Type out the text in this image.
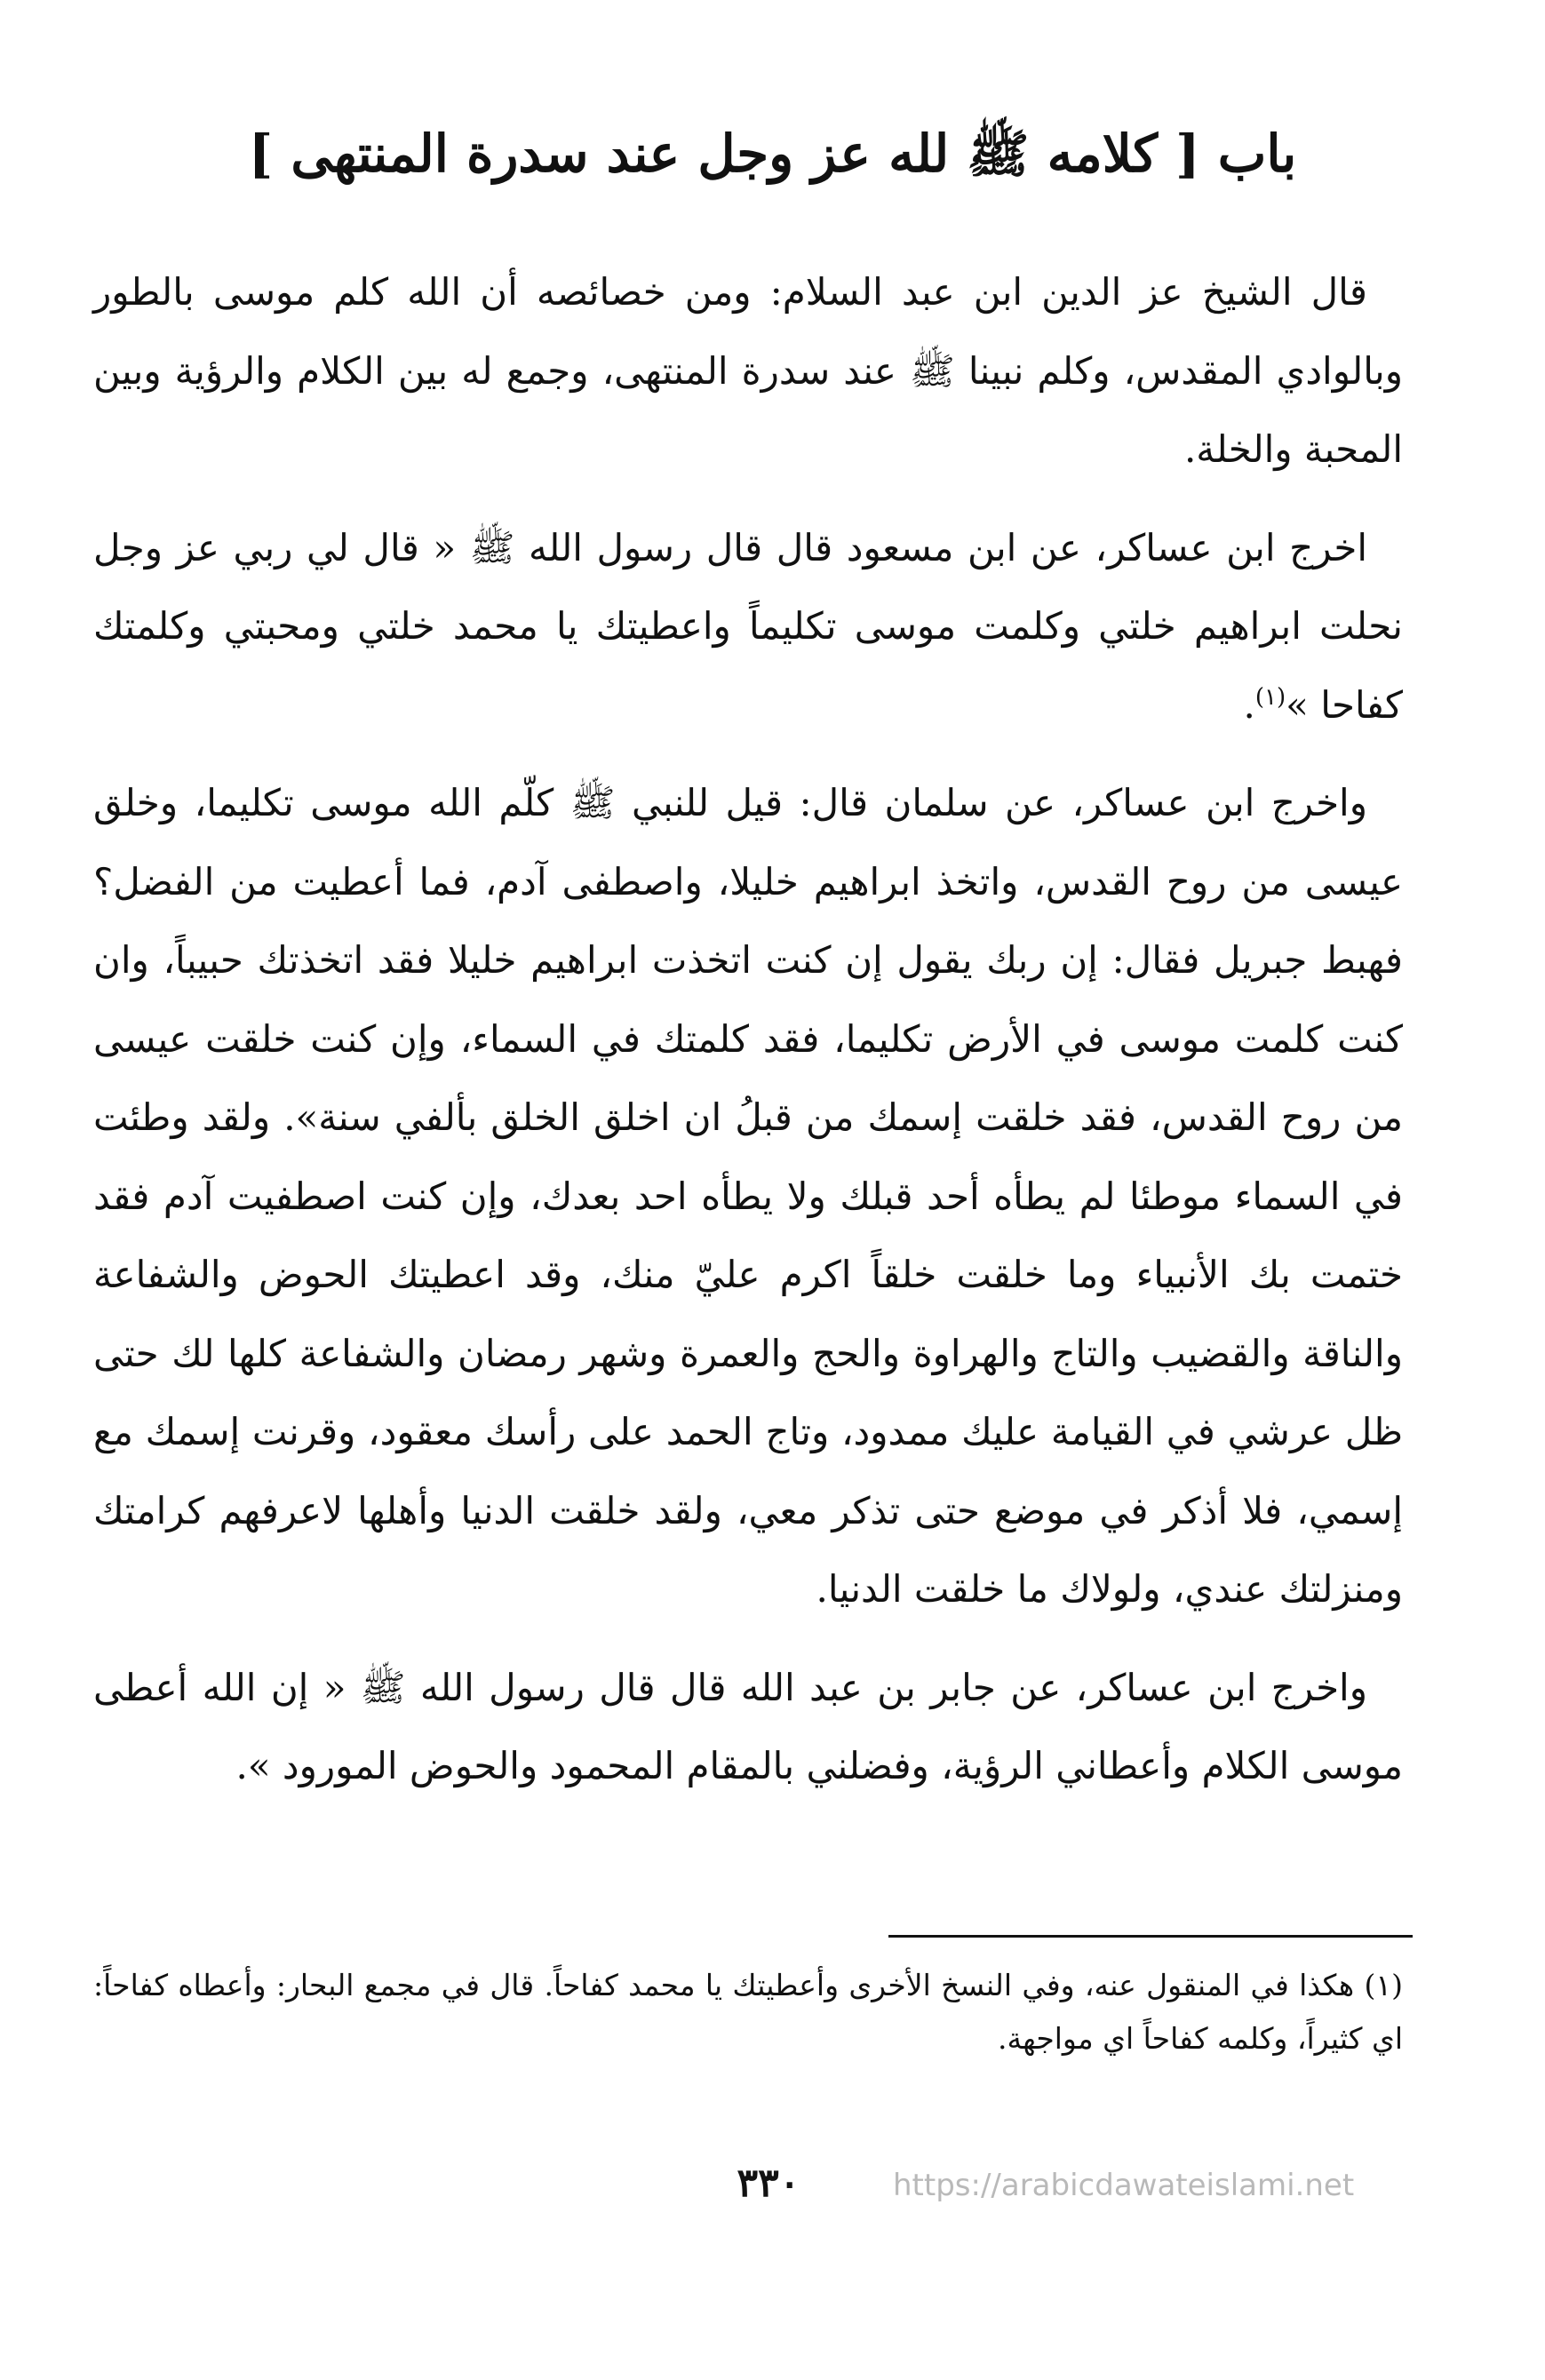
باب [ كلامه ﷺ لله عز وجل عند سدرة المنتهى ]

قال الشيخ عز الدين ابن عبد السلام: ومن خصائصه أن الله كلم موسى بالطور وبالوادي المقدس، وكلم نبينا ﷺ عند سدرة المنتهى، وجمع له بين الكلام والرؤية وبين المحبة والخلة.

اخرج ابن عساكر، عن ابن مسعود قال قال رسول الله ﷺ « قال لي ربي عز وجل نحلت ابراهيم خلتي وكلمت موسى تكليماً واعطيتك يا محمد خلتي ومحبتي وكلمتك كفاحا »$^{(١)}$.

واخرج ابن عساكر، عن سلمان قال: قيل للنبي ﷺ كلّم الله موسى تكليما، وخلق عيسى من روح القدس، واتخذ ابراهيم خليلا، واصطفى آدم، فما أعطيت من الفضل؟ فهبط جبريل فقال: إن ربك يقول إن كنت اتخذت ابراهيم خليلا فقد اتخذتك حبيباً، وان كنت كلمت موسى في الأرض تكليما، فقد كلمتك في السماء، وإن كنت خلقت عيسى من روح القدس، فقد خلقت إسمك من قبلُ ان اخلق الخلق بألفي سنة». ولقد وطئت في السماء موطئا لم يطأه أحد قبلك ولا يطأه احد بعدك، وإن كنت اصطفيت آدم فقد ختمت بك الأنبياء وما خلقت خلقاً اكرم عليّ منك، وقد اعطيتك الحوض والشفاعة والناقة والقضيب والتاج والهراوة والحج والعمرة وشهر رمضان والشفاعة كلها لك حتى ظل عرشي في القيامة عليك ممدود، وتاج الحمد على رأسك معقود، وقرنت إسمك مع إسمي، فلا أذكر في موضع حتى تذكر معي، ولقد خلقت الدنيا وأهلها لاعرفهم كرامتك ومنزلتك عندي، ولولاك ما خلقت الدنيا.

واخرج ابن عساكر، عن جابر بن عبد الله قال قال رسول الله ﷺ « إن الله أعطى موسى الكلام وأعطاني الرؤية، وفضلني بالمقام المحمود والحوض المورود ».

(١) هكذا في المنقول عنه، وفي النسخ الأخرى وأعطيتك يا محمد كفاحاً. قال في مجمع البحار: وأعطاه كفاحاً: اي كثيراً، وكلمه كفاحاً اي مواجهة.
٣٣٠	https://arabicdawateislami.net
